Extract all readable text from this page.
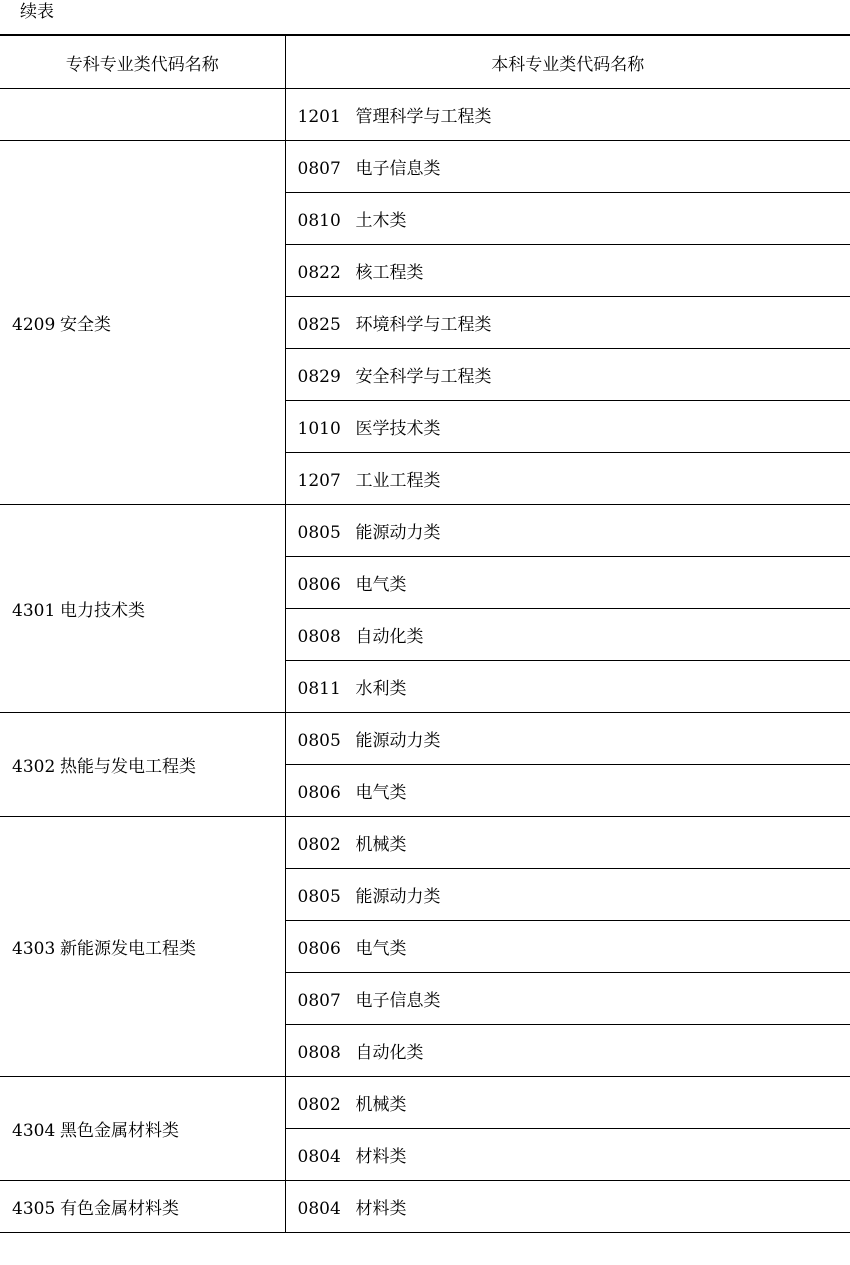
续表
专科专业类代码名称	本科专业类代码名称

	1201 管理科学与工程类

4209 安全类	0807 电子信息类

	0810 土木类

	0822 核工程类

	0825 环境科学与工程类

	0829 安全科学与工程类

	1010 医学技术类

	1207 工业工程类

4301 电力技术类	0805 能源动力类

	0806 电气类

	0808 自动化类

	0811 水利类

4302 热能与发电工程类	0805 能源动力类

	0806 电气类

4303 新能源发电工程类	0802 机械类

	0805 能源动力类

	0806 电气类

	0807 电子信息类

	0808 自动化类

4304 黑色金属材料类	0802 机械类

	0804 材料类

4305 有色金属材料类	0804 材料类
